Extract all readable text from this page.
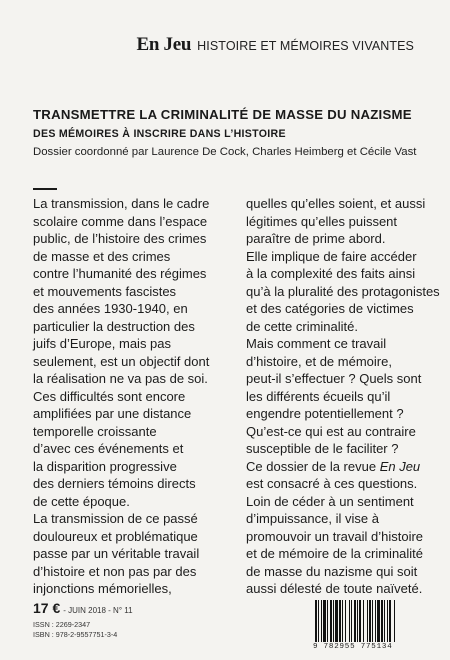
En Jeu HISTOIRE ET MÉMOIRES VIVANTES
TRANSMETTRE LA CRIMINALITÉ DE MASSE DU NAZISME
DES MÉMOIRES À INSCRIRE DANS L’HISTOIRE

Dossier coordonné par Laurence De Cock, Charles Heimberg et Cécile Vast

La transmission, dans le cadre
scolaire comme dans l’espace
public, de l’histoire des crimes
de masse et des crimes
contre l’humanité des régimes
et mouvements fascistes
des années 1930-1940, en
particulier la destruction des
juifs d’Europe, mais pas
seulement, est un objectif dont
la réalisation ne va pas de soi.
Ces difficultés sont encore
amplifiées par une distance
temporelle croissante
d’avec ces événements et
la disparition progressive
des derniers témoins directs
de cette époque.
La transmission de ce passé
douloureux et problématique
passe par un véritable travail
d’histoire et non pas par des
injonctions mémorielles,
quelles qu’elles soient, et aussi
légitimes qu’elles puissent
paraître de prime abord.
Elle implique de faire accéder
à la complexité des faits ainsi
qu’à la pluralité des protagonistes
et des catégories de victimes
de cette criminalité.
Mais comment ce travail
d’histoire, et de mémoire,
peut-il s’effectuer ? Quels sont
les différents écueils qu’il
engendre potentiellement ?
Qu’est-ce qui est au contraire
susceptible de le faciliter ?
Ce dossier de la revue En Jeu
est consacré à ces questions.
Loin de céder à un sentiment
d’impuissance, il vise à
promouvoir un travail d’histoire
et de mémoire de la criminalité
de masse du nazisme qui soit
aussi délesté de toute naïveté.
17 € - JUIN 2018 - N° 11
ISSN : 2269-2347
ISBN : 978-2-9557751-3-4
9 782955 775134
